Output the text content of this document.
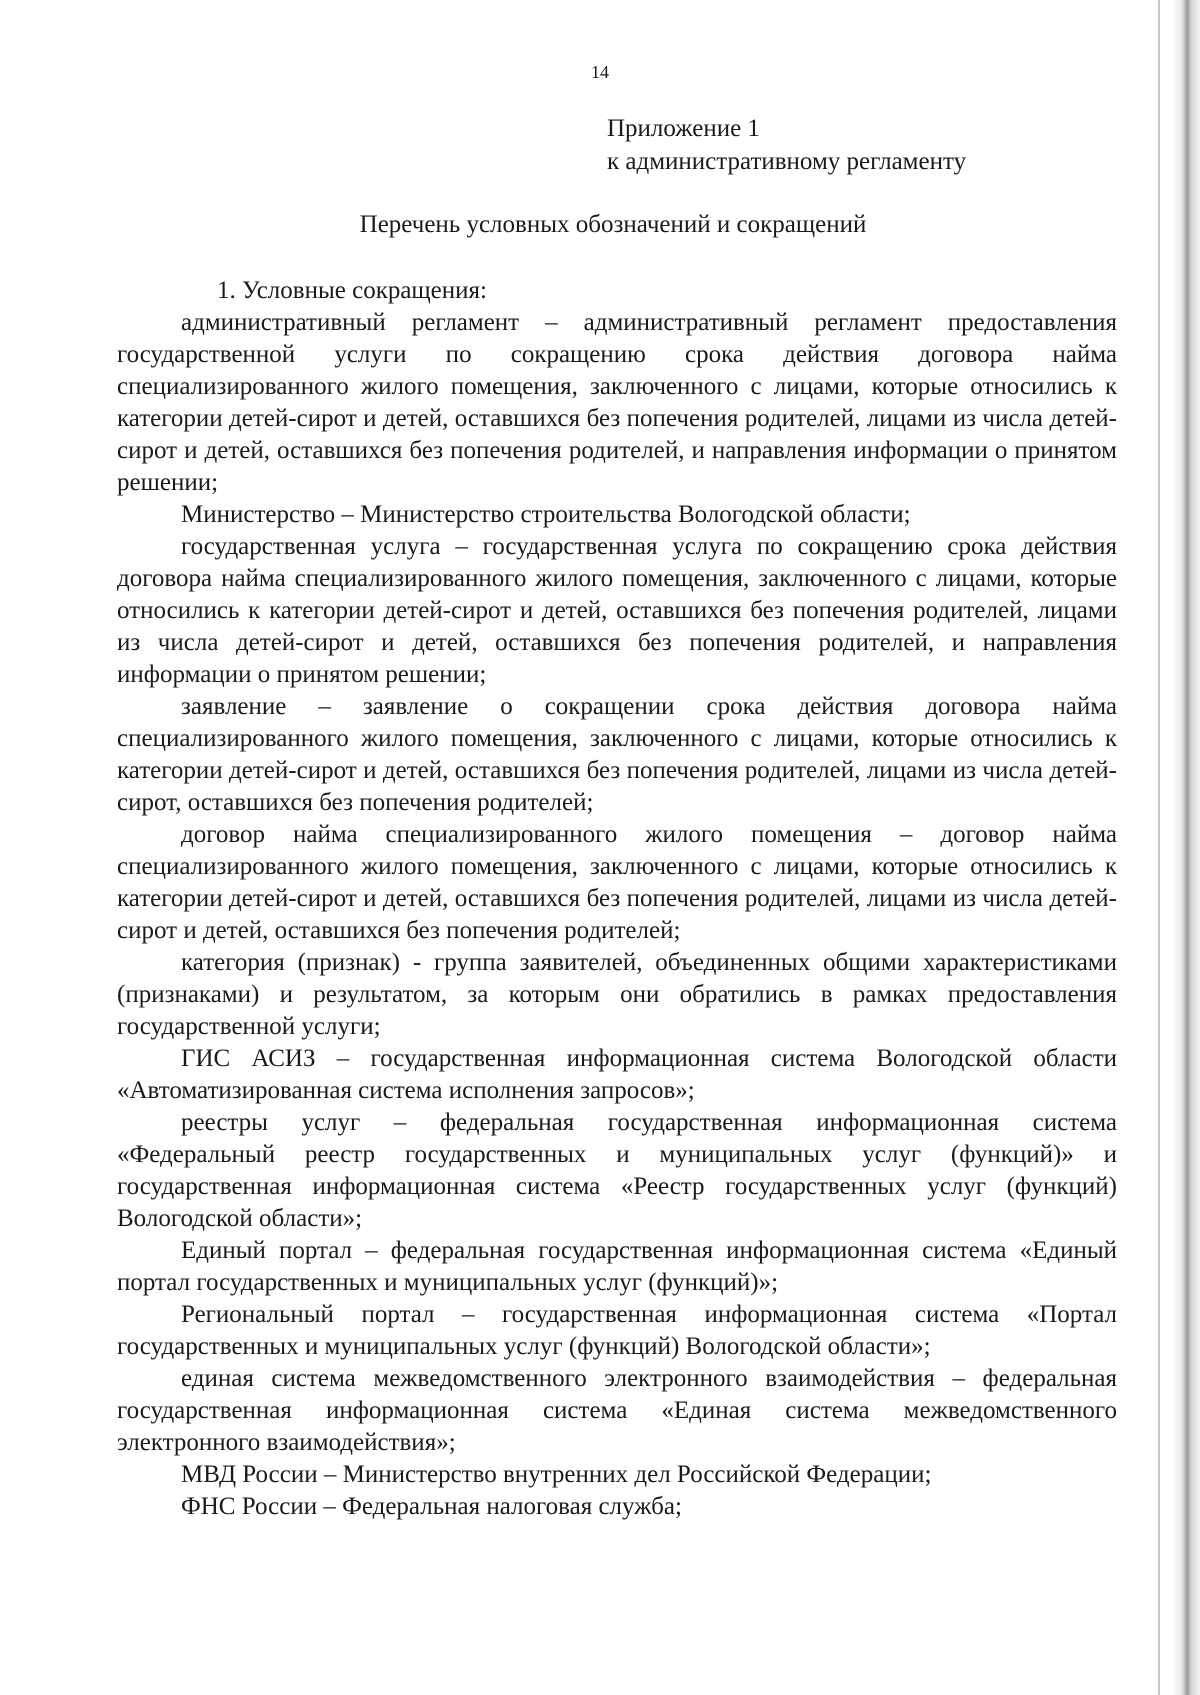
14
Приложение 1
к административному регламенту
Перечень условных обозначений и сокращений
1. Условные сокращения:

административный регламент – административный регламент предоставления государственной услуги по сокращению срока действия договора найма специализированного жилого помещения, заключенного с лицами, которые относились к категории детей-сирот и детей, оставшихся без попечения родителей, лицами из числа детей-сирот и детей, оставшихся без попечения родителей, и направления информации о принятом решении;

Министерство – Министерство строительства Вологодской области;

государственная услуга – государственная услуга по сокращению срока действия договора найма специализированного жилого помещения, заключенного с лицами, которые относились к категории детей-сирот и детей, оставшихся без попечения родителей, лицами из числа детей-сирот и детей, оставшихся без попечения родителей, и направления информации о принятом решении;

заявление – заявление о сокращении срока действия договора найма специализированного жилого помещения, заключенного с лицами, которые относились к категории детей-сирот и детей, оставшихся без попечения родителей, лицами из числа детей-сирот, оставшихся без попечения родителей;

договор найма специализированного жилого помещения – договор найма специализированного жилого помещения, заключенного с лицами, которые относились к категории детей-сирот и детей, оставшихся без попечения родителей, лицами из числа детей-сирот и детей, оставшихся без попечения родителей;

категория (признак) - группа заявителей, объединенных общими характеристиками (признаками) и результатом, за которым они обратились в рамках предоставления государственной услуги;

ГИС АСИЗ – государственная информационная система Вологодской области «Автоматизированная система исполнения запросов»;

реестры услуг – федеральная государственная информационная система «Федеральный реестр государственных и муниципальных услуг (функций)» и государственная информационная система «Реестр государственных услуг (функций) Вологодской области»;

Единый портал – федеральная государственная информационная система «Единый портал государственных и муниципальных услуг (функций)»;

Региональный портал – государственная информационная система «Портал государственных и муниципальных услуг (функций) Вологодской области»;

единая система межведомственного электронного взаимодействия – федеральная государственная информационная система «Единая система межведомственного электронного взаимодействия»;

МВД России – Министерство внутренних дел Российской Федерации;

ФНС России – Федеральная налоговая служба;
